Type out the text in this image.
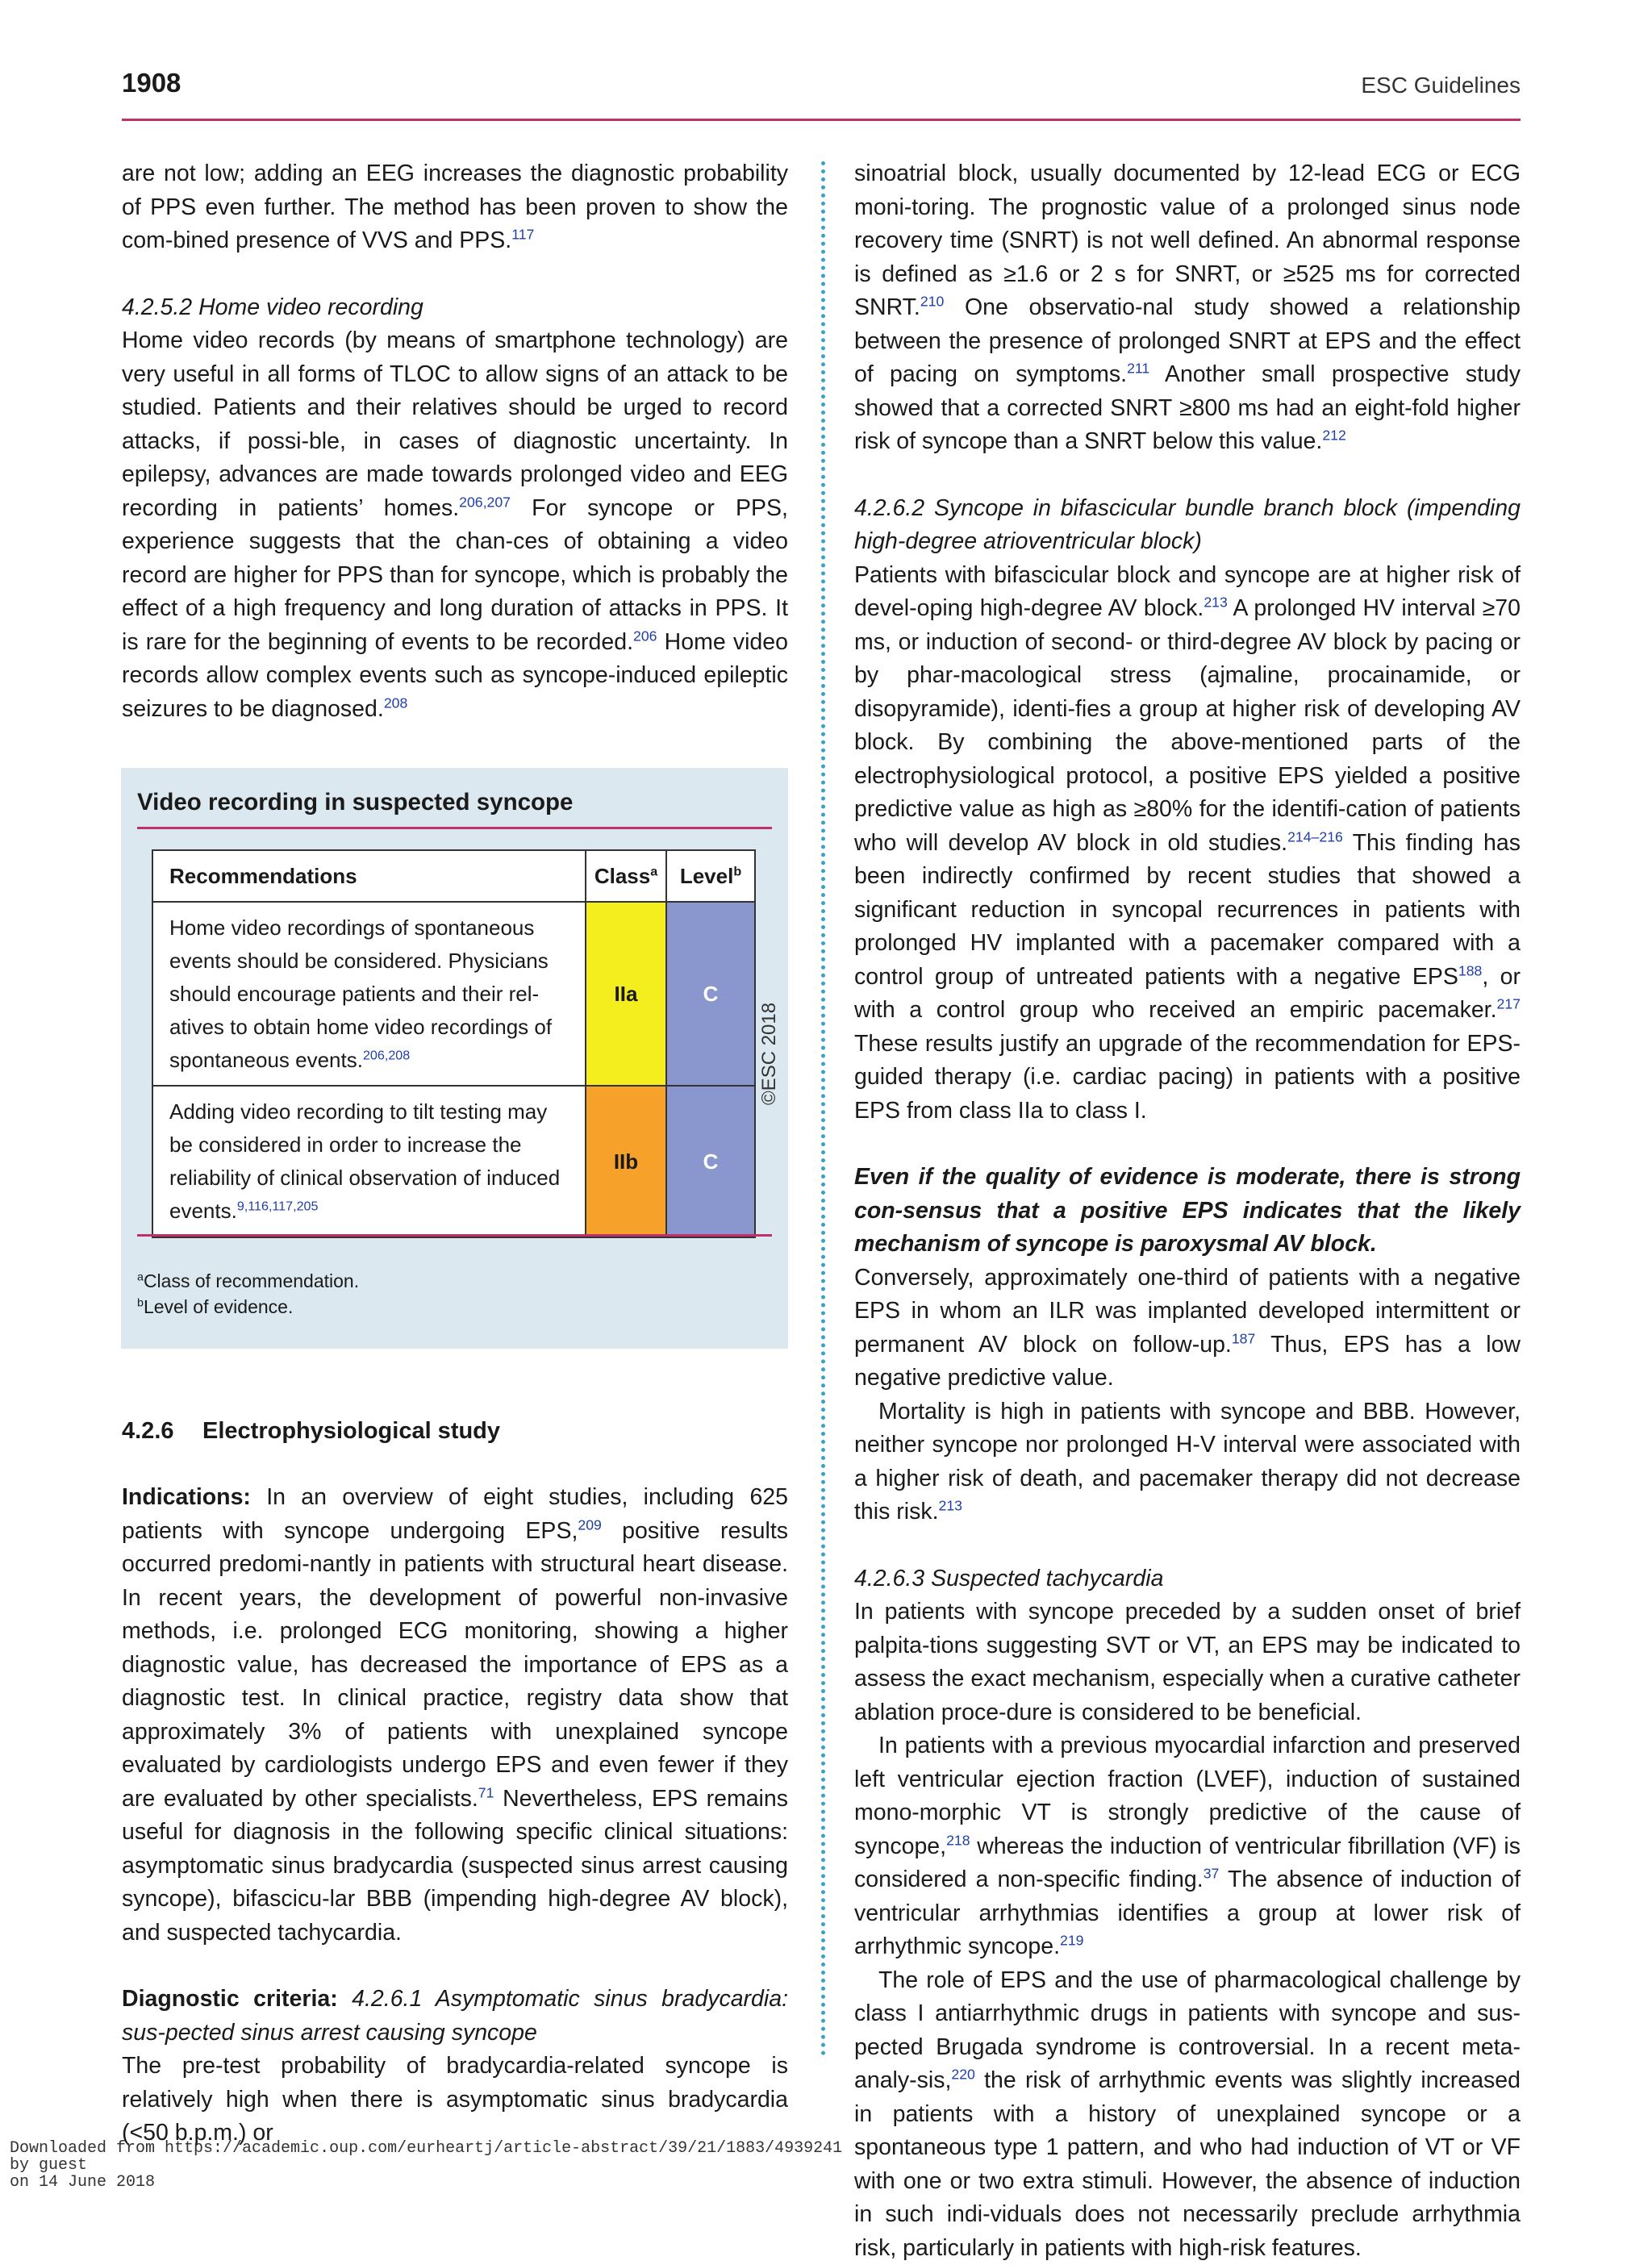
1908	ESC Guidelines

are not low; adding an EEG increases the diagnostic probability of PPS even further. The method has been proven to show the com-bined presence of VVS and PPS.$^{117}$

4.2.5.2 Home video recording

Home video records (by means of smartphone technology) are very useful in all forms of TLOC to allow signs of an attack to be studied. Patients and their relatives should be urged to record attacks, if possi-ble, in cases of diagnostic uncertainty. In epilepsy, advances are made towards prolonged video and EEG recording in patients’ homes.$^{206,207}$ For syncope or PPS, experience suggests that the chan-ces of obtaining a video record are higher for PPS than for syncope, which is probably the effect of a high frequency and long duration of attacks in PPS. It is rare for the beginning of events to be recorded.$^{206}$ Home video records allow complex events such as syncope-induced epileptic seizures to be diagnosed.$^{208}$

Video recording in suspected syncope
Recommendations	Class$^a$	Level$^b$
Home video recordings of spontaneous events should be considered. Physicians should encourage patients and their rel-atives to obtain home video recordings of spontaneous events.$^{206,208}$	IIa	C
Adding video recording to tilt testing may be considered in order to increase the reliability of clinical observation of induced events.$^{9,116,117,205}$	IIb	C
$^a$Class of recommendation.
$^b$Level of evidence.
4.2.6 Electrophysiological study

Indications: In an overview of eight studies, including 625 patients with syncope undergoing EPS,$^{209}$ positive results occurred predomi-nantly in patients with structural heart disease. In recent years, the development of powerful non-invasive methods, i.e. prolonged ECG monitoring, showing a higher diagnostic value, has decreased the importance of EPS as a diagnostic test. In clinical practice, registry data show that approximately 3% of patients with unexplained syncope evaluated by cardiologists undergo EPS and even fewer if they are evaluated by other specialists.$^{71}$ Nevertheless, EPS remains useful for diagnosis in the following specific clinical situations: asymptomatic sinus bradycardia (suspected sinus arrest causing syncope), bifascicu-lar BBB (impending high-degree AV block), and suspected tachycardia.

Diagnostic criteria: 4.2.6.1 Asymptomatic sinus bradycardia: sus-pected sinus arrest causing syncope

The pre-test probability of bradycardia-related syncope is relatively high when there is asymptomatic sinus bradycardia (<50 b.p.m.) or

©ESC 2018

sinoatrial block, usually documented by 12-lead ECG or ECG moni-toring. The prognostic value of a prolonged sinus node recovery time (SNRT) is not well defined. An abnormal response is defined as ≥1.6 or 2 s for SNRT, or ≥525 ms for corrected SNRT.$^{210}$ One observatio-nal study showed a relationship between the presence of prolonged SNRT at EPS and the effect of pacing on symptoms.$^{211}$ Another small prospective study showed that a corrected SNRT ≥800 ms had an eight-fold higher risk of syncope than a SNRT below this value.$^{212}$

4.2.6.2 Syncope in bifascicular bundle branch block (impending high-degree atrioventricular block)

Patients with bifascicular block and syncope are at higher risk of devel-oping high-degree AV block.$^{213}$ A prolonged HV interval ≥70 ms, or induction of second- or third-degree AV block by pacing or by phar-macological stress (ajmaline, procainamide, or disopyramide), identi-fies a group at higher risk of developing AV block. By combining the above-mentioned parts of the electrophysiological protocol, a positive EPS yielded a positive predictive value as high as ≥80% for the identifi-cation of patients who will develop AV block in old studies.$^{214-216}$ This finding has been indirectly confirmed by recent studies that showed a significant reduction in syncopal recurrences in patients with prolonged HV implanted with a pacemaker compared with a control group of untreated patients with a negative EPS$^{188}$, or with a control group who received an empiric pacemaker.$^{217}$ These results justify an upgrade of the recommendation for EPS-guided therapy (i.e. cardiac pacing) in patients with a positive EPS from class IIa to class I.

Even if the quality of evidence is moderate, there is strong con-sensus that a positive EPS indicates that the likely mechanism of syncope is paroxysmal AV block.

Conversely, approximately one-third of patients with a negative EPS in whom an ILR was implanted developed intermittent or permanent AV block on follow-up.$^{187}$ Thus, EPS has a low negative predictive value.

Mortality is high in patients with syncope and BBB. However, neither syncope nor prolonged H-V interval were associated with a higher risk of death, and pacemaker therapy did not decrease this risk.$^{213}$

4.2.6.3 Suspected tachycardia

In patients with syncope preceded by a sudden onset of brief palpita-tions suggesting SVT or VT, an EPS may be indicated to assess the exact mechanism, especially when a curative catheter ablation proce-dure is considered to be beneficial.

In patients with a previous myocardial infarction and preserved left ventricular ejection fraction (LVEF), induction of sustained mono-morphic VT is strongly predictive of the cause of syncope,$^{218}$ whereas the induction of ventricular fibrillation (VF) is considered a non-specific finding.$^{37}$ The absence of induction of ventricular arrhythmias identifies a group at lower risk of arrhythmic syncope.$^{219}$

The role of EPS and the use of pharmacological challenge by class I antiarrhythmic drugs in patients with syncope and sus-pected Brugada syndrome is controversial. In a recent meta-analy-sis,$^{220}$ the risk of arrhythmic events was slightly increased in patients with a history of unexplained syncope or a spontaneous type 1 pattern, and who had induction of VT or VF with one or two extra stimuli. However, the absence of induction in such indi-viduals does not necessarily preclude arrhythmia risk, particularly in patients with high-risk features.

Downloaded from https://academic.oup.com/eurheartj/article-abstract/39/21/1883/4939241
by guest
on 14 June 2018
